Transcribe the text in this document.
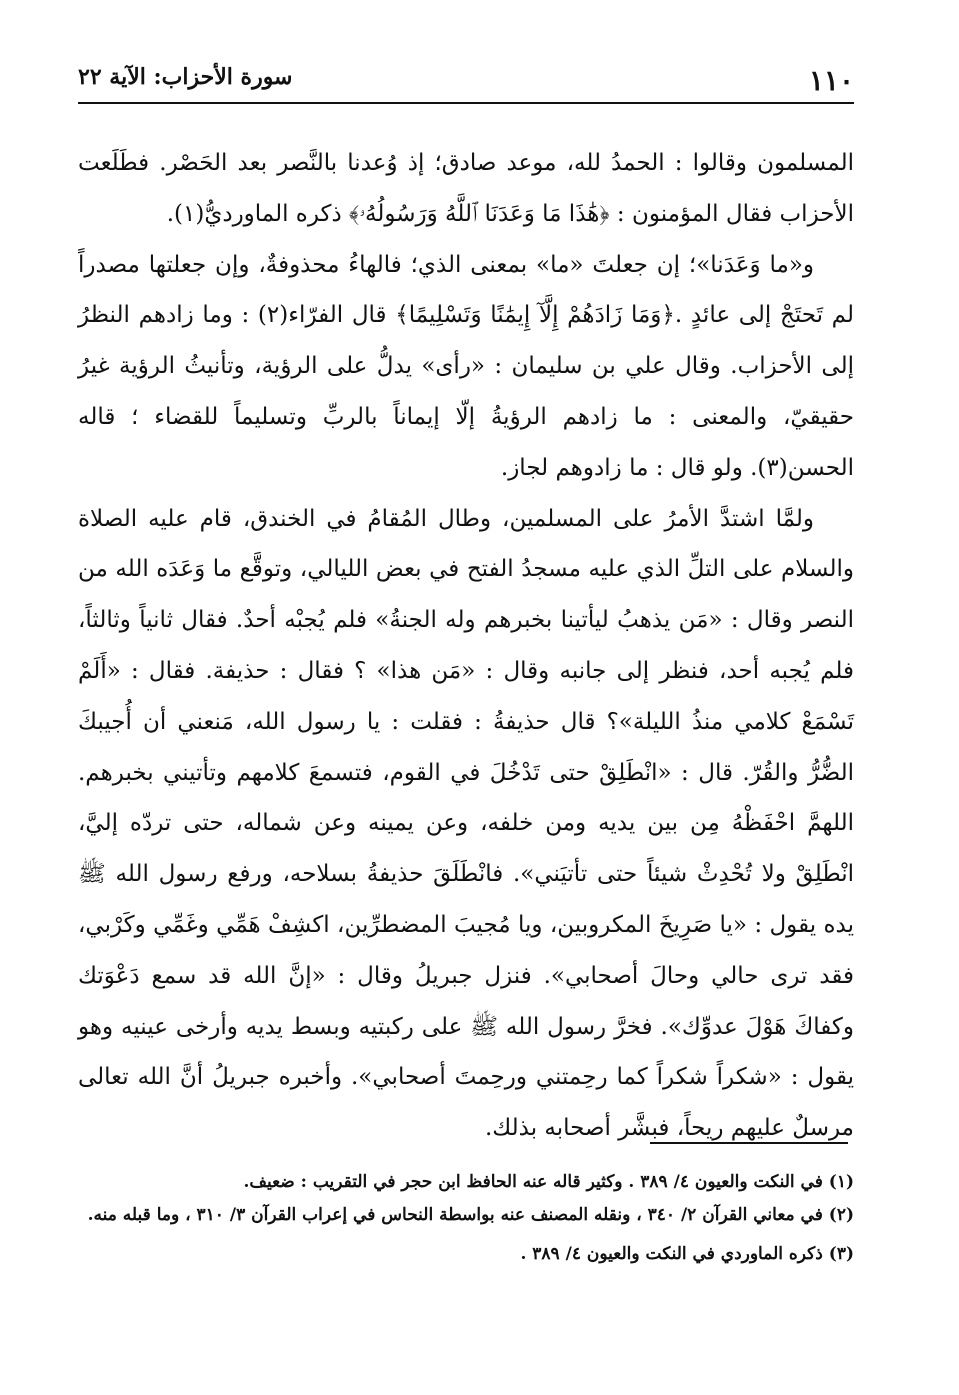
١١٠
سورة الأحزاب: الآية ٢٢

المسلمون وقالوا : الحمدُ لله، موعد صادق؛ إذ وُعدنا بالنَّصر بعد الحَصْر. فطَلَعت الأحزاب فقال المؤمنون : ﴿هَٰذَا مَا وَعَدَنَا ٱللَّهُ وَرَسُولُهُۥ﴾ ذكره الماورديُّ(١).

و«ما وَعَدَنا»؛ إن جعلتَ «ما» بمعنى الذي؛ فالهاءُ محذوفةٌ، وإن جعلتها مصدراً لم تَحتَجْ إلى عائدٍ .﴿وَمَا زَادَهُمْ إِلَّآ إِيمَٰنًا وَتَسْلِيمًا﴾ قال الفرّاء(٢) : وما زادهم النظرُ إلى الأحزاب. وقال علي بن سليمان : «رأى» يدلُّ على الرؤية، وتأنيثُ الرؤية غيرُ حقيقيّ، والمعنى : ما زادهم الرؤيةُ إلّا إيماناً بالربِّ وتسليماً للقضاء ؛ قاله الحسن(٣). ولو قال : ما زادوهم لجاز.

ولمَّا اشتدَّ الأمرُ على المسلمين، وطال المُقامُ في الخندق، قام عليه الصلاة والسلام على التلِّ الذي عليه مسجدُ الفتح في بعض الليالي، وتوقَّع ما وَعَدَه الله من النصر وقال : «مَن يذهبُ ليأتينا بخبرهم وله الجنةُ» فلم يُجبْه أحدٌ. فقال ثانياً وثالثاً، فلم يُجبه أحد، فنظر إلى جانبه وقال : «مَن هذا» ؟ فقال : حذيفة. فقال : «أَلَمْ تَسْمَعْ كلامي منذُ الليلة»؟ قال حذيفةُ : فقلت : يا رسول الله، مَنعني أن أُجيبكَ الضُّرُّ والقُرّ. قال : «انْطَلِقْ حتى تَدْخُلَ في القوم، فتسمعَ كلامهم وتأتيني بخبرهم. اللهمَّ احْفَظْهُ مِن بين يديه ومن خلفه، وعن يمينه وعن شماله، حتى تردّه إليَّ، انْطَلِقْ ولا تُحْدِثْ شيئاً حتى تأتيَني». فانْطَلَقَ حذيفةُ بسلاحه، ورفع رسول الله ﷺ يده يقول : «يا صَرِيخَ المكروبين، ويا مُجيبَ المضطرِّين، اكشِفْ هَمِّي وغَمِّي وكَرْبي، فقد ترى حالي وحالَ أصحابي». فنزل جبريلُ وقال : «إنَّ الله قد سمع دَعْوَتك وكفاكَ هَوْلَ عدوِّك». فخرَّ رسول الله ﷺ على ركبتيه وبسط يديه وأرخى عينيه وهو يقول : «شكراً شكراً كما رحِمتني ورحِمتَ أصحابي». وأخبره جبريلُ أنَّ الله تعالى مرسلٌ عليهم ريحاً، فبشَّر أصحابه بذلك.

(١) في النكت والعيون ٤/ ٣٨٩ . وكثير قاله عنه الحافظ ابن حجر في التقريب : ضعيف.

(٢) في معاني القرآن ٢/ ٣٤٠ ، ونقله المصنف عنه بواسطة النحاس في إعراب القرآن ٣/ ٣١٠ ، وما قبله منه.

(٣) ذكره الماوردي في النكت والعيون ٤/ ٣٨٩ .
